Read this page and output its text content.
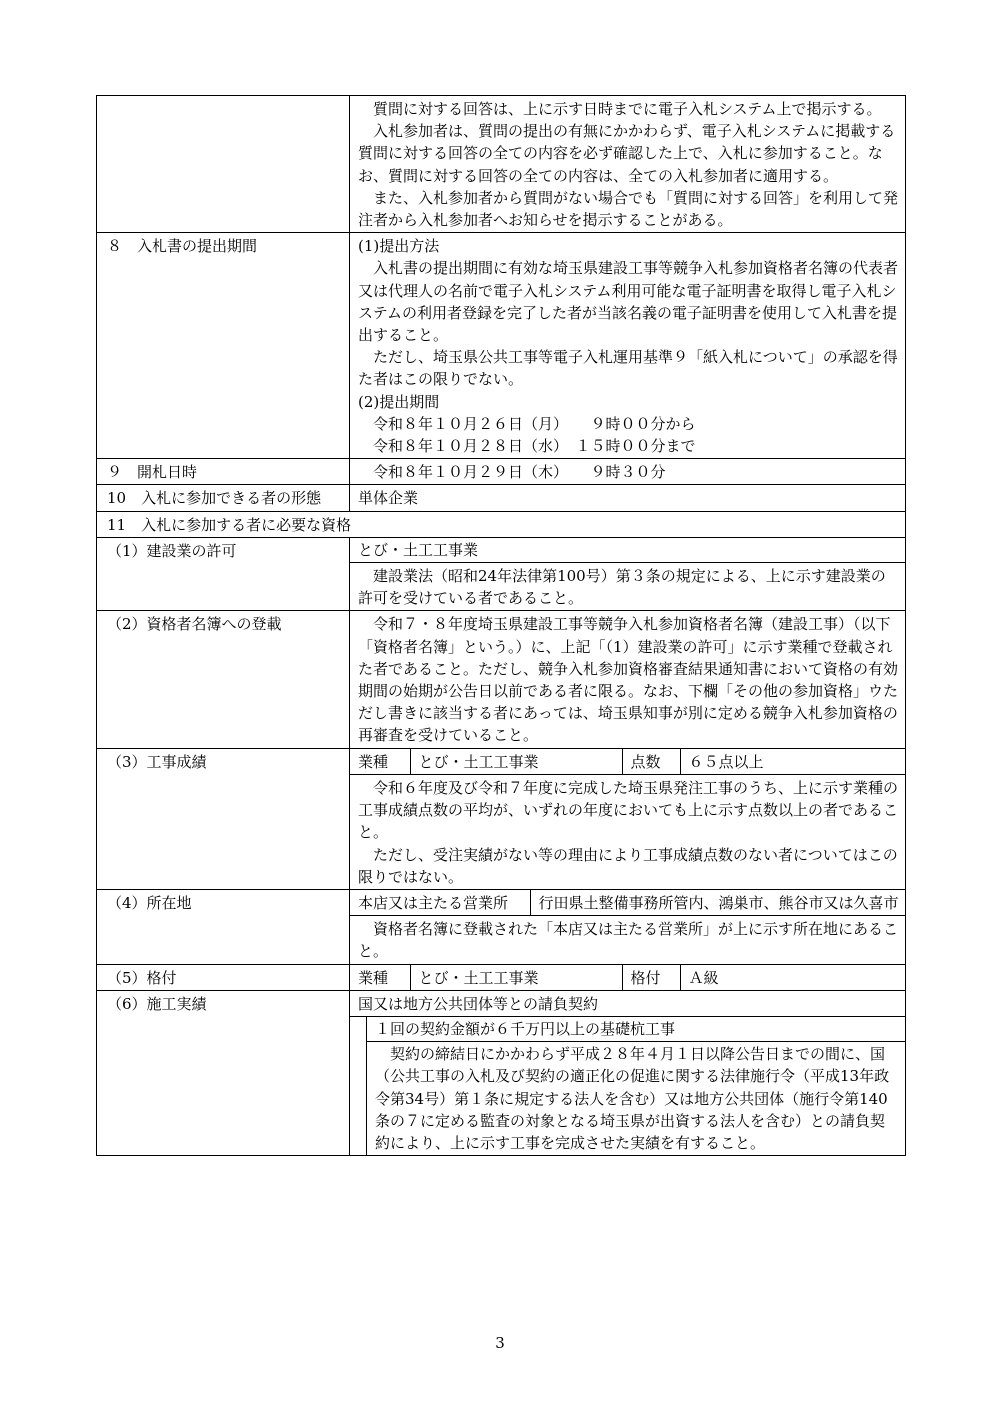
質問に対する回答は、上に示す日時までに電子入札システム上で掲示する。

入札参加者は、質問の提出の有無にかかわらず、電子入札システムに掲載する質問に対する回答の全ての内容を必ず確認した上で、入札に参加すること。なお、質問に対する回答の全ての内容は、全ての入札参加者に適用する。

また、入札参加者から質問がない場合でも「質問に対する回答」を利用して発注者から入札参加者へお知らせを掲示することがある。

８　入札書の提出期間	(1)提出方法

入札書の提出期間に有効な埼玉県建設工事等競争入札参加資格者名簿の代表者又は代理人の名前で電子入札システム利用可能な電子証明書を取得し電子入札システムの利用者登録を完了した者が当該名義の電子証明書を使用して入札書を提出すること。

ただし、埼玉県公共工事等電子入札運用基準９「紙入札について」の承認を得た者はこの限りでない。

(2)提出期間

令和８年１０月２６日（月）　　９時００分から

令和８年１０月２８日（水）　１５時００分まで

９　開札日時	令和８年１０月２９日（木）　　９時３０分

10　入札に参加できる者の形態	単体企業
11　入札に参加する者に必要な資格
（1）建設業の許可	とび・土工工事業

建設業法（昭和24年法律第100号）第３条の規定による、上に示す建設業の許可を受けている者であること。

（2）資格者名簿への登載	令和７・８年度埼玉県建設工事等競争入札参加資格者名簿（建設工事）（以下「資格者名簿」という。）に、上記「（1）建設業の許可」に示す業種で登載された者であること。ただし、競争入札参加資格審査結果通知書において資格の有効期間の始期が公告日以前である者に限る。なお、下欄「その他の参加資格」ウただし書きに該当する者にあっては、埼玉県知事が別に定める競争入札参加資格の再審査を受けていること。

（3）工事成績		業種	とび・土工工事業	点数	６５点以上

令和６年度及び令和７年度に完成した埼玉県発注工事のうち、上に示す業種の工事成績点数の平均が、いずれの年度においても上に示す点数以上の者であること。

ただし、受注実績がない等の理由により工事成績点数のない者についてはこの限りではない。

（4）所在地		本店又は主たる営業所	行田県土整備事務所管内、鴻巣市、熊谷市又は久喜市

資格者名簿に登載された「本店又は主たる営業所」が上に示す所在地にあること。

（5）格付		業種	とび・土工工事業	格付	Ａ級

（6）施工実績	国又は地方公共団体等との請負契約
１回の契約金額が６千万円以上の基礎杭工事

契約の締結日にかかわらず平成２８年４月１日以降公告日までの間に、国（公共工事の入札及び契約の適正化の促進に関する法律施行令（平成13年政令第34号）第１条に規定する法人を含む）又は地方公共団体（施行令第140条の７に定める監査の対象となる埼玉県が出資する法人を含む）との請負契約により、上に示す工事を完成させた実績を有すること。

3
